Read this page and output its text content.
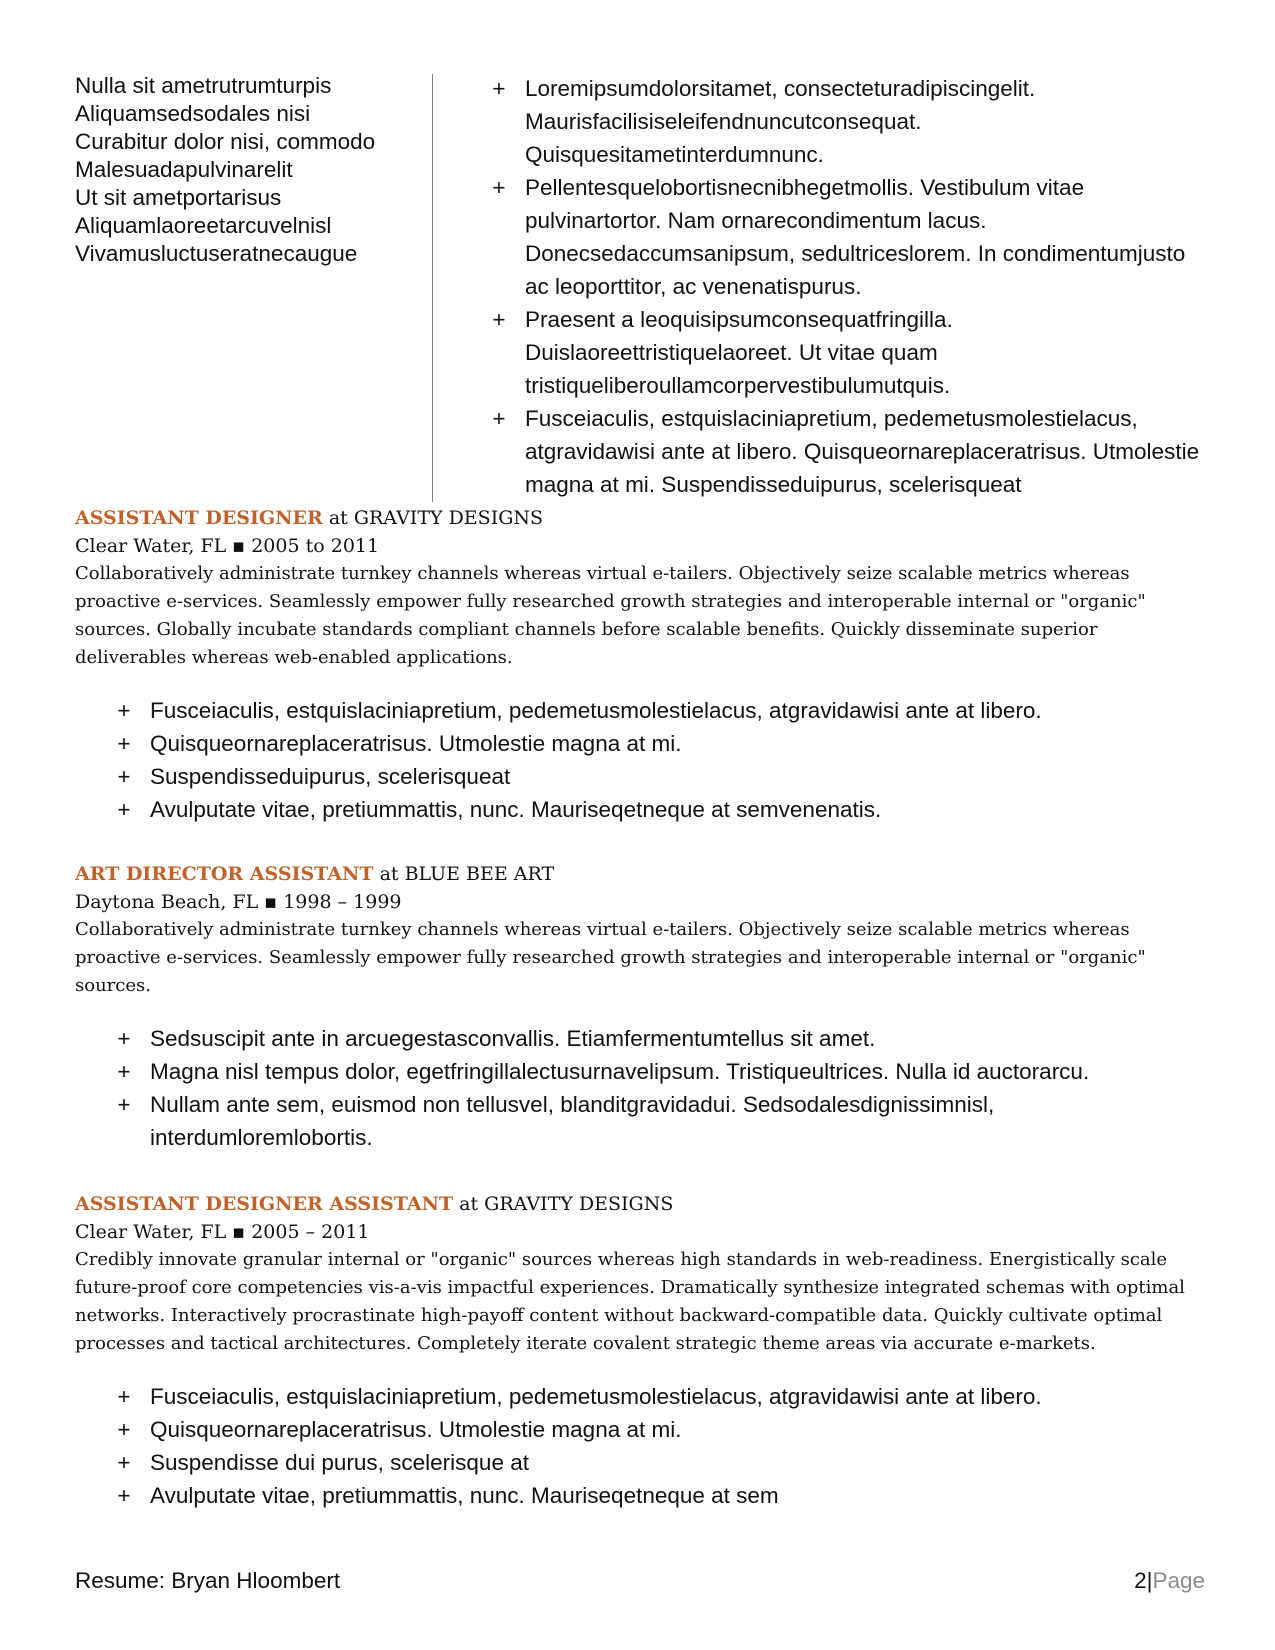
Nulla sit ametrutrumturpis
Aliquamsedsodales nisi
Curabitur dolor nisi, commodo
Malesuadapulvinarelit
Ut sit ametportarisus
Aliquamlaoreetarcuvelnisl
Vivamusluctuseratnecaugue
+ Loremipsumdolorsitamet, consecteturadipiscingelit. Maurisfacilisiseleifendnuncutconsequat. Quisquesitametinterdumnunc.
+ Pellentesquelobortisnecnibhegetmollis. Vestibulum vitae pulvinartortor. Nam ornarecondimentum lacus. Donecsedaccumsanipsum, sedultriceslorem. In condimentumjusto ac leoporttitor, ac venenatispurus.
+ Praesent a leoquisipsumconsequatfringilla. Duislaoreettristiquelaoreet. Ut vitae quam tristiqueliberoullamcorpervestibulumutquis.
+ Fusceiaculis, estquislaciniapretium, pedemetusmolestielacus, atgravidawisi ante at libero. Quisqueornareplaceratrisus. Utmolestie magna at mi. Suspendisseduipurus, scelerisqueat
ASSISTANT DESIGNER at GRAVITY DESIGNS
Clear Water, FL ▪ 2005 to 2011

Collaboratively administrate turnkey channels whereas virtual e-tailers. Objectively seize scalable metrics whereas proactive e-services. Seamlessly empower fully researched growth strategies and interoperable internal or "organic" sources. Globally incubate standards compliant channels before scalable benefits. Quickly disseminate superior deliverables whereas web-enabled applications.

+ Fusceiaculis, estquislaciniapretium, pedemetusmolestielacus, atgravidawisi ante at libero.
+ Quisqueornareplaceratrisus. Utmolestie magna at mi.
+ Suspendisseduipurus, scelerisqueat
+ Avulputate vitae, pretiummattis, nunc. Mauriseqetneque at semvenenatis.
ART DIRECTOR ASSISTANT at BLUE BEE ART
Daytona Beach, FL ▪ 1998 – 1999

Collaboratively administrate turnkey channels whereas virtual e-tailers. Objectively seize scalable metrics whereas proactive e-services. Seamlessly empower fully researched growth strategies and interoperable internal or "organic" sources.

+ Sedsuscipit ante in arcuegestasconvallis. Etiamfermentumtellus sit amet.
+ Magna nisl tempus dolor, egetfringillalectusurnavelipsum. Tristiqueultrices. Nulla id auctorarcu.
+ Nullam ante sem, euismod non tellusvel, blanditgravidadui. Sedsodalesdignissimnisl, interdumloremlobortis.
ASSISTANT DESIGNER ASSISTANT at GRAVITY DESIGNS
Clear Water, FL ▪ 2005 – 2011

Credibly innovate granular internal or "organic" sources whereas high standards in web-readiness. Energistically scale future-proof core competencies vis-a-vis impactful experiences. Dramatically synthesize integrated schemas with optimal networks. Interactively procrastinate high-payoff content without backward-compatible data. Quickly cultivate optimal processes and tactical architectures. Completely iterate covalent strategic theme areas via accurate e-markets.

+ Fusceiaculis, estquislaciniapretium, pedemetusmolestielacus, atgravidawisi ante at libero.
+ Quisqueornareplaceratrisus. Utmolestie magna at mi.
+ Suspendisse dui purus, scelerisque at
+ Avulputate vitae, pretiummattis, nunc. Mauriseqetneque at sem
Resume: Bryan Hloombert	2|Page
